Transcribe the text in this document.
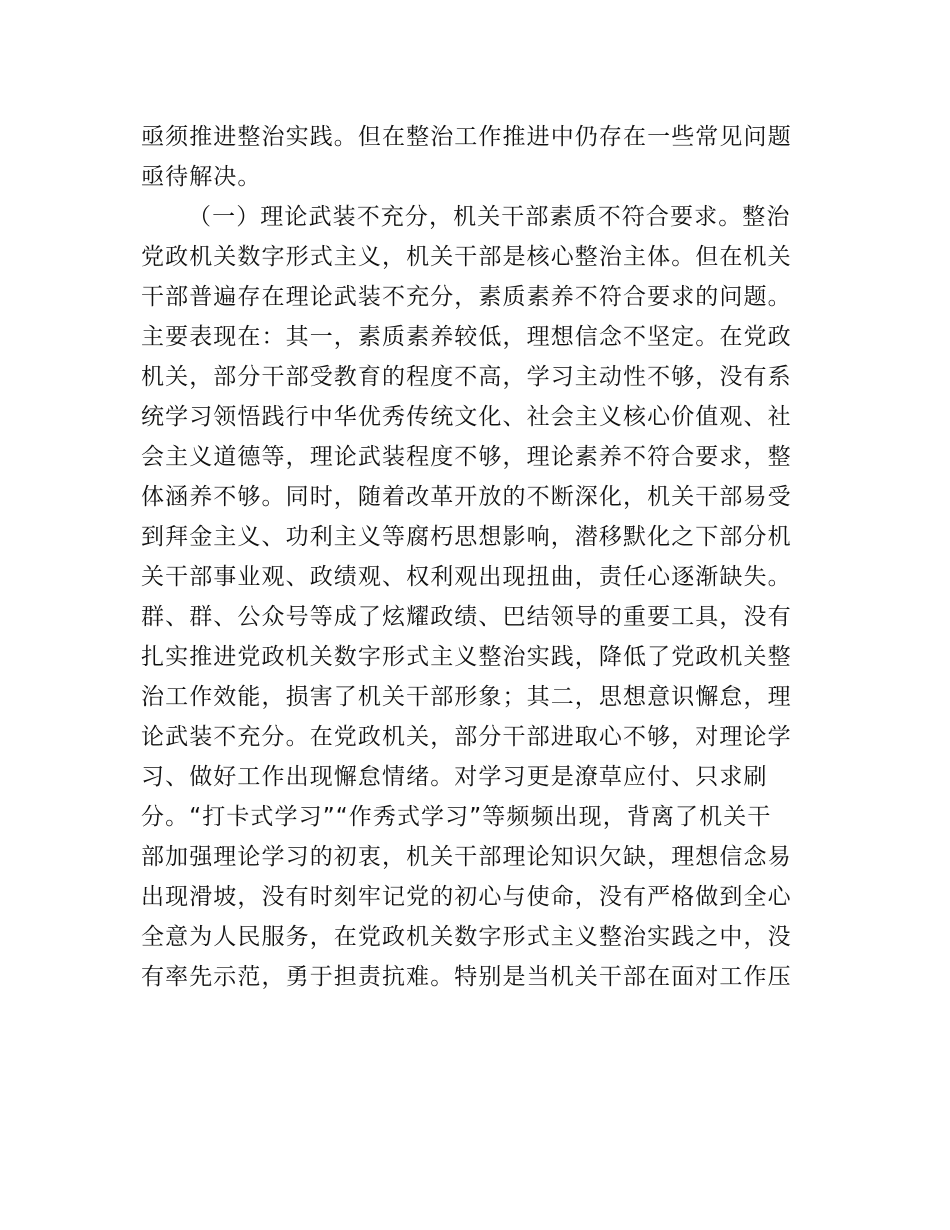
亟须推进整治实践。但在整治工作推进中仍存在一些常见问题
亟待解决。
（一）理论武装不充分，机关干部素质不符合要求。整治
党政机关数字形式主义，机关干部是核心整治主体。但在机关
干部普遍存在理论武装不充分，素质素养不符合要求的问题。
主要表现在：其一，素质素养较低，理想信念不坚定。在党政
机关，部分干部受教育的程度不高，学习主动性不够，没有系
统学习领悟践行中华优秀传统文化、社会主义核心价值观、社
会主义道德等，理论武装程度不够，理论素养不符合要求，整
体涵养不够。同时，随着改革开放的不断深化，机关干部易受
到拜金主义、功利主义等腐朽思想影响，潜移默化之下部分机
关干部事业观、政绩观、权利观出现扭曲，责任心逐渐缺失。
群、群、公众号等成了炫耀政绩、巴结领导的重要工具，没有
扎实推进党政机关数字形式主义整治实践，降低了党政机关整
治工作效能，损害了机关干部形象；其二，思想意识懈怠，理
论武装不充分。在党政机关，部分干部进取心不够，对理论学
习、做好工作出现懈怠情绪。对学习更是潦草应付、只求刷
分。“打卡式学习”“作秀式学习”等频频出现，背离了机关干
部加强理论学习的初衷，机关干部理论知识欠缺，理想信念易
出现滑坡，没有时刻牢记党的初心与使命，没有严格做到全心
全意为人民服务，在党政机关数字形式主义整治实践之中，没
有率先示范，勇于担责抗难。特别是当机关干部在面对工作压
